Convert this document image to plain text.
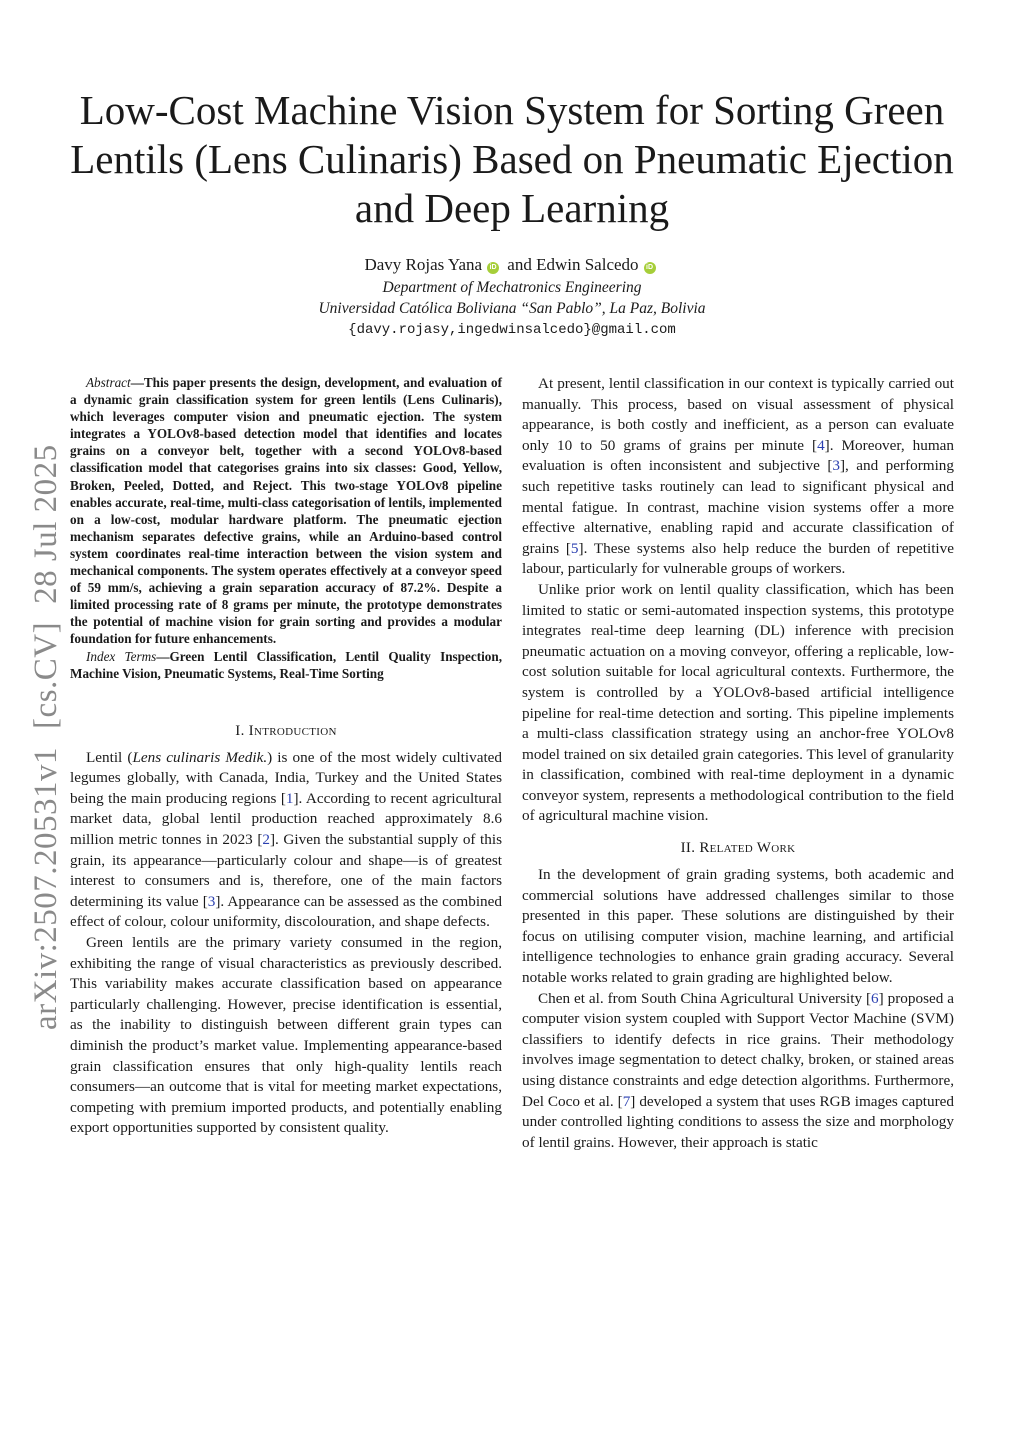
arXiv:2507.20531v1[cs.CV]28 Jul 2025
Low-Cost Machine Vision System for Sorting Green Lentils (Lens Culinaris) Based on Pneumatic Ejection and Deep Learning
Davy Rojas Yana iD and Edwin Salcedo iD
Department of Mechatronics Engineering
Universidad Católica Boliviana “San Pablo”, La Paz, Bolivia
{davy.rojasy,ingedwinsalcedo}@gmail.com

Abstract—This paper presents the design, development, and evaluation of a dynamic grain classification system for green lentils (Lens Culinaris), which leverages computer vision and pneumatic ejection. The system integrates a YOLOv8-based detection model that identifies and locates grains on a conveyor belt, together with a second YOLOv8-based classification model that categorises grains into six classes: Good, Yellow, Broken, Peeled, Dotted, and Reject. This two-stage YOLOv8 pipeline enables accurate, real-time, multi-class categorisation of lentils, implemented on a low-cost, modular hardware platform. The pneumatic ejection mechanism separates defective grains, while an Arduino-based control system coordinates real-time interaction between the vision system and mechanical components. The system operates effectively at a conveyor speed of 59 mm/s, achieving a grain separation accuracy of 87.2%. Despite a limited processing rate of 8 grams per minute, the prototype demonstrates the potential of machine vision for grain sorting and provides a modular foundation for future enhancements.

Index Terms—Green Lentil Classification, Lentil Quality Inspection, Machine Vision, Pneumatic Systems, Real-Time Sorting

I. Introduction

Lentil (Lens culinaris Medik.) is one of the most widely cultivated legumes globally, with Canada, India, Turkey and the United States being the main producing regions [1]. According to recent agricultural market data, global lentil production reached approximately 8.6 million metric tonnes in 2023 [2]. Given the substantial supply of this grain, its appearance—particularly colour and shape—is of greatest interest to consumers and is, therefore, one of the main factors determining its value [3]. Appearance can be assessed as the combined effect of colour, colour uniformity, discolouration, and shape defects.

Green lentils are the primary variety consumed in the region, exhibiting the range of visual characteristics as previously described. This variability makes accurate classification based on appearance particularly challenging. However, precise identification is essential, as the inability to distinguish between different grain types can diminish the product’s market value. Implementing appearance-based grain classification ensures that only high-quality lentils reach consumers—an outcome that is vital for meeting market expectations, competing with premium imported products, and potentially enabling export opportunities supported by consistent quality.

At present, lentil classification in our context is typically carried out manually. This process, based on visual assessment of physical appearance, is both costly and inefficient, as a person can evaluate only 10 to 50 grams of grains per minute [4]. Moreover, human evaluation is often inconsistent and subjective [3], and performing such repetitive tasks routinely can lead to significant physical and mental fatigue. In contrast, machine vision systems offer a more effective alternative, enabling rapid and accurate classification of grains [5]. These systems also help reduce the burden of repetitive labour, particularly for vulnerable groups of workers.

Unlike prior work on lentil quality classification, which has been limited to static or semi-automated inspection systems, this prototype integrates real-time deep learning (DL) inference with precision pneumatic actuation on a moving conveyor, offering a replicable, low-cost solution suitable for local agricultural contexts. Furthermore, the system is controlled by a YOLOv8-based artificial intelligence pipeline for real-time detection and sorting. This pipeline implements a multi-class classification strategy using an anchor-free YOLOv8 model trained on six detailed grain categories. This level of granularity in classification, combined with real-time deployment in a dynamic conveyor system, represents a methodological contribution to the field of agricultural machine vision.

II. Related Work

In the development of grain grading systems, both academic and commercial solutions have addressed challenges similar to those presented in this paper. These solutions are distinguished by their focus on utilising computer vision, machine learning, and artificial intelligence technologies to enhance grain grading accuracy. Several notable works related to grain grading are highlighted below.

Chen et al. from South China Agricultural University [6] proposed a computer vision system coupled with Support Vector Machine (SVM) classifiers to identify defects in rice grains. Their methodology involves image segmentation to detect chalky, broken, or stained areas using distance constraints and edge detection algorithms. Furthermore, Del Coco et al. [7] developed a system that uses RGB images captured under controlled lighting conditions to assess the size and morphology of lentil grains. However, their approach is static
